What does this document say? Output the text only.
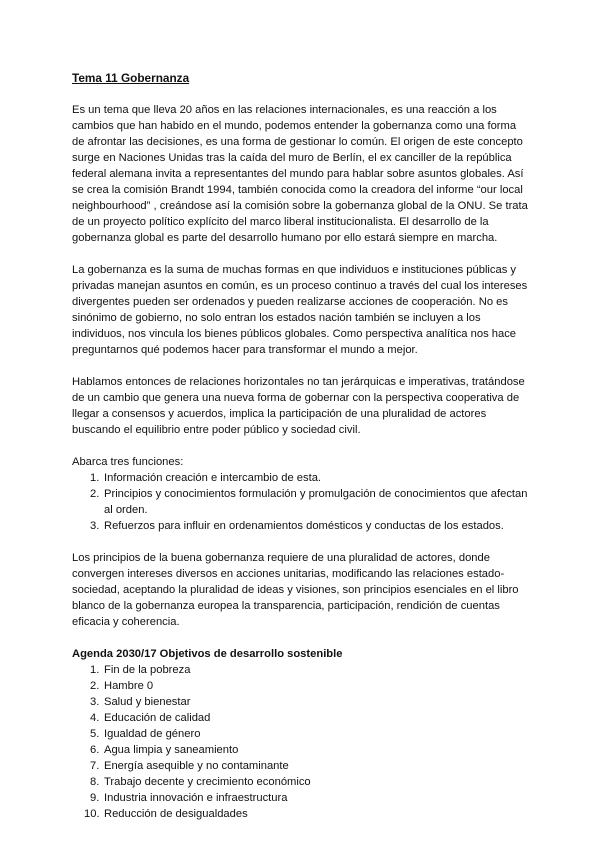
Tema 11 Gobernanza

Es un tema que lleva 20 años en las relaciones internacionales, es una reacción a los cambios que han habido en el mundo, podemos entender la gobernanza como una forma de afrontar las decisiones, es una forma de gestionar lo común. El origen de este concepto surge en Naciones Unidas tras la caída del muro de Berlín, el ex canciller de la república federal alemana invita a representantes del mundo para hablar sobre asuntos globales. Así se crea la comisión Brandt 1994, también conocida como la creadora del informe “our local neighbourhood” , creándose así la comisión sobre la gobernanza global de la ONU. Se trata de un proyecto político explícito del marco liberal institucionalista. El desarrollo de la gobernanza global es parte del desarrollo humano por ello estará siempre en marcha.

La gobernanza es la suma de muchas formas en que individuos e instituciones públicas y privadas manejan asuntos en común, es un proceso continuo a través del cual los intereses divergentes pueden ser ordenados y pueden realizarse acciones de cooperación. No es sinónimo de gobierno, no solo entran los estados nación también se incluyen a los individuos, nos vincula los bienes públicos globales. Como perspectiva analítica nos hace preguntarnos qué podemos hacer para transformar el mundo a mejor.

Hablamos entonces de relaciones horizontales no tan jerárquicas e imperativas, tratándose de un cambio que genera una nueva forma de gobernar con la perspectiva cooperativa de llegar a consensos y acuerdos, implica la participación de una pluralidad de actores buscando el equilibrio entre poder público y sociedad civil.

Abarca tres funciones:
1. Información creación e intercambio de esta.
2. Principios y conocimientos formulación y promulgación de conocimientos que afectan al orden.
3. Refuerzos para influir en ordenamientos domésticos y conductas de los estados.

Los principios de la buena gobernanza requiere de una pluralidad de actores, donde convergen intereses diversos en acciones unitarias, modificando las relaciones estado-sociedad, aceptando la pluralidad de ideas y visiones, son principios esenciales en el libro blanco de la gobernanza europea la transparencia, participación, rendición de cuentas eficacia y coherencia.

Agenda 2030/17 Objetivos de desarrollo sostenible
1. Fin de la pobreza
2. Hambre 0
3. Salud y bienestar
4. Educación de calidad
5. Igualdad de género
6. Agua limpia y saneamiento
7. Energía asequible y no contaminante
8. Trabajo decente y crecimiento económico
9. Industria innovación e infraestructura
10. Reducción de desigualdades
